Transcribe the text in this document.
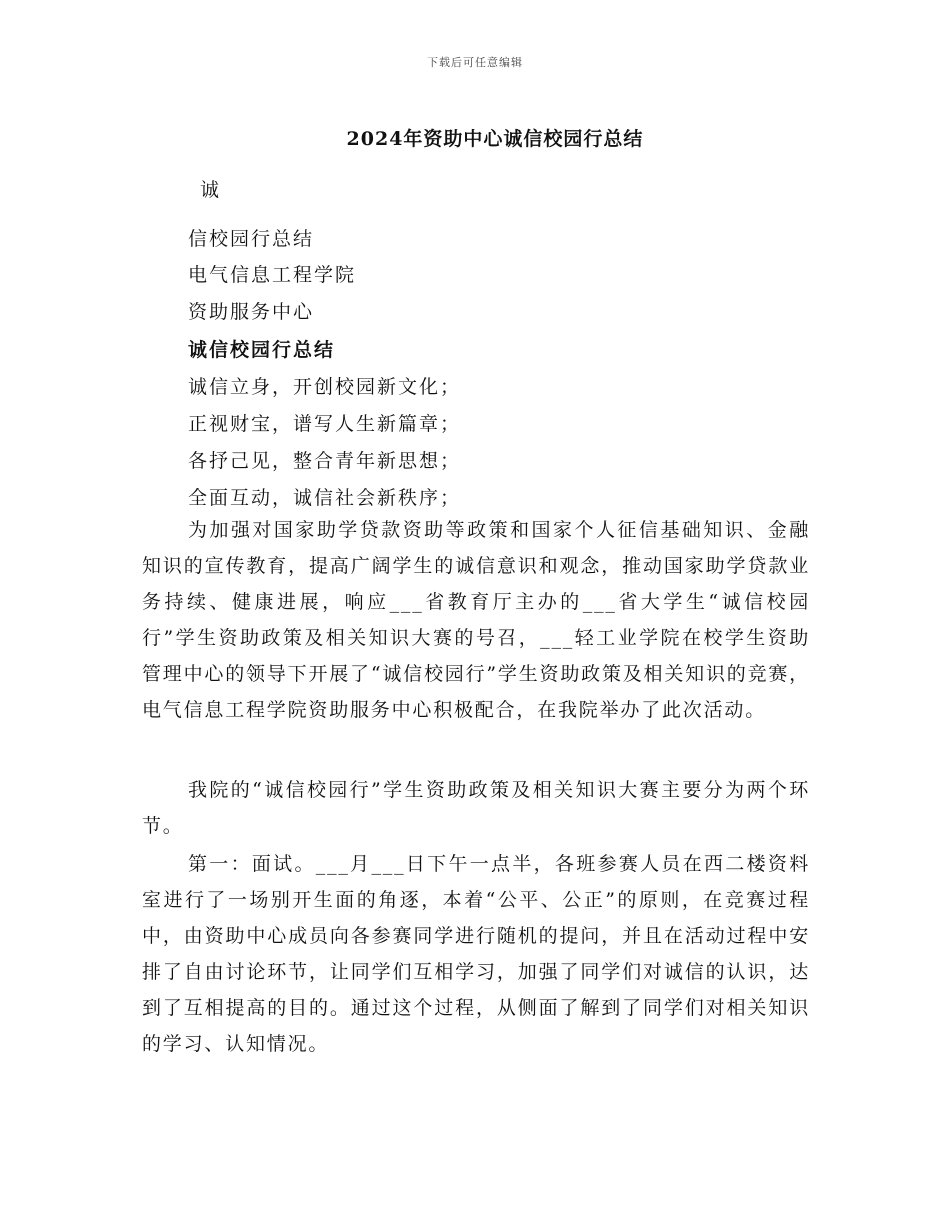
下载后可任意编辑
2024年资助中心诚信校园行总结
诚
信校园行总结
电气信息工程学院
资助服务中心
诚信校园行总结
诚信立身，开创校园新文化；
正视财宝，谱写人生新篇章；
各抒己见，整合青年新思想；
全面互动，诚信社会新秩序；
为加强对国家助学贷款资助等政策和国家个人征信基础知识、金融知识的宣传教育，提高广阔学生的诚信意识和观念，推动国家助学贷款业务持续、健康进展，响应___省教育厅主办的___省大学生“诚信校园行”学生资助政策及相关知识大赛的号召，___轻工业学院在校学生资助管理中心的领导下开展了“诚信校园行”学生资助政策及相关知识的竞赛，电气信息工程学院资助服务中心积极配合，在我院举办了此次活动。
我院的“诚信校园行”学生资助政策及相关知识大赛主要分为两个环节。
第一：面试。___月___日下午一点半，各班参赛人员在西二楼资料室进行了一场别开生面的角逐，本着“公平、公正”的原则，在竞赛过程中，由资助中心成员向各参赛同学进行随机的提问，并且在活动过程中安排了自由讨论环节，让同学们互相学习，加强了同学们对诚信的认识，达到了互相提高的目的。通过这个过程，从侧面了解到了同学们对相关知识的学习、认知情况。
